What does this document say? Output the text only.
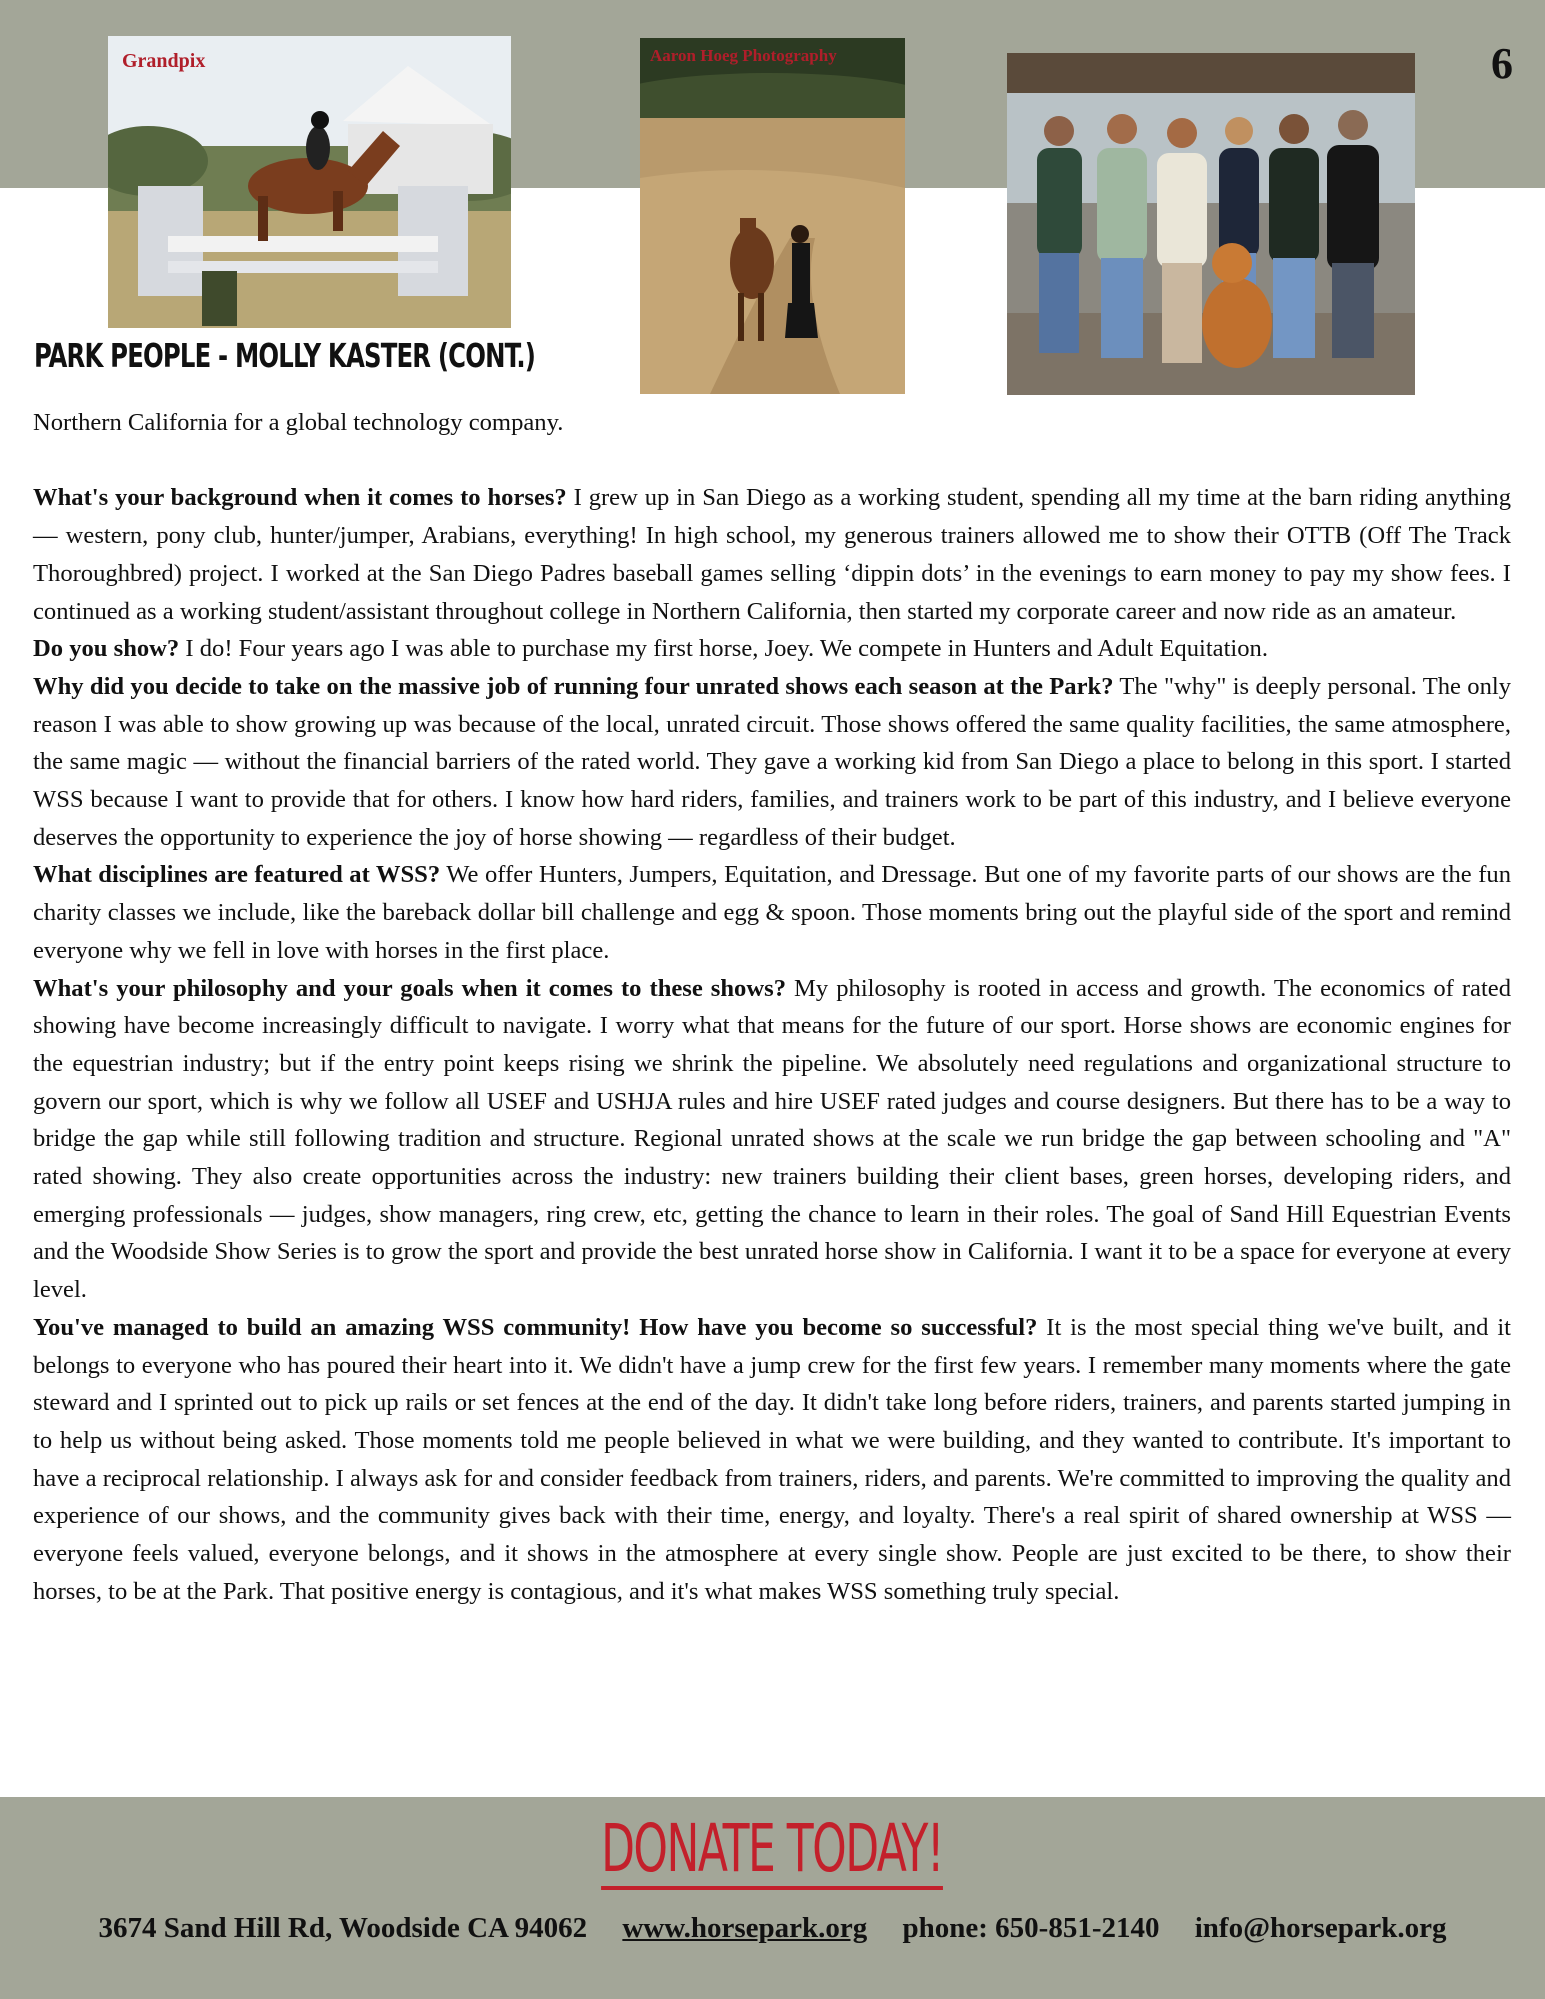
6
Grandpix	Aaron Hoeg Photography
PARK PEOPLE - MOLLY KASTER (CONT.)

Northern California for a global technology company.

What's your background when it comes to horses? I grew up in San Diego as a working student, spending all my time at the barn riding anything — western, pony club, hunter/jumper, Arabians, everything! In high school, my generous trainers allowed me to show their OTTB (Off The Track Thoroughbred) project. I worked at the San Diego Padres baseball games selling ‘dippin dots’ in the evenings to earn money to pay my show fees. I continued as a working student/assistant throughout college in Northern California, then started my corporate career and now ride as an amateur.

Do you show? I do! Four years ago I was able to purchase my first horse, Joey. We compete in Hunters and Adult Equitation.

Why did you decide to take on the massive job of running four unrated shows each season at the Park? The "why" is deeply personal. The only reason I was able to show growing up was because of the local, unrated circuit. Those shows offered the same quality facilities, the same atmosphere, the same magic — without the financial barriers of the rated world. They gave a working kid from San Diego a place to belong in this sport. I started WSS because I want to provide that for others. I know how hard riders, families, and trainers work to be part of this industry, and I believe everyone deserves the opportunity to experience the joy of horse showing — regardless of their budget.

What disciplines are featured at WSS? We offer Hunters, Jumpers, Equitation, and Dressage. But one of my favorite parts of our shows are the fun charity classes we include, like the bareback dollar bill challenge and egg & spoon. Those moments bring out the playful side of the sport and remind everyone why we fell in love with horses in the first place.

What's your philosophy and your goals when it comes to these shows? My philosophy is rooted in access and growth. The economics of rated showing have become increasingly difficult to navigate. I worry what that means for the future of our sport. Horse shows are economic engines for the equestrian industry; but if the entry point keeps rising we shrink the pipeline. We absolutely need regulations and organizational structure to govern our sport, which is why we follow all USEF and USHJA rules and hire USEF rated judges and course designers. But there has to be a way to bridge the gap while still following tradition and structure. Regional unrated shows at the scale we run bridge the gap between schooling and "A" rated showing. They also create opportunities across the industry: new trainers building their client bases, green horses, developing riders, and emerging professionals — judges, show managers, ring crew, etc, getting the chance to learn in their roles. The goal of Sand Hill Equestrian Events and the Woodside Show Series is to grow the sport and provide the best unrated horse show in California. I want it to be a space for everyone at every level.

You've managed to build an amazing WSS community! How have you become so successful? It is the most special thing we've built, and it belongs to everyone who has poured their heart into it. We didn't have a jump crew for the first few years. I remember many moments where the gate steward and I sprinted out to pick up rails or set fences at the end of the day. It didn't take long before riders, trainers, and parents started jumping in to help us without being asked. Those moments told me people believed in what we were building, and they wanted to contribute. It's important to have a reciprocal relationship. I always ask for and consider feedback from trainers, riders, and parents. We're committed to improving the quality and experience of our shows, and the community gives back with their time, energy, and loyalty. There's a real spirit of shared ownership at WSS — everyone feels valued, everyone belongs, and it shows in the atmosphere at every single show. People are just excited to be there, to show their horses, to be at the Park. That positive energy is contagious, and it's what makes WSS something truly special.

DONATE TODAY!
3674 Sand Hill Rd, Woodside CA 94062 www.horsepark.org phone: 650-851-2140 info@horsepark.org
